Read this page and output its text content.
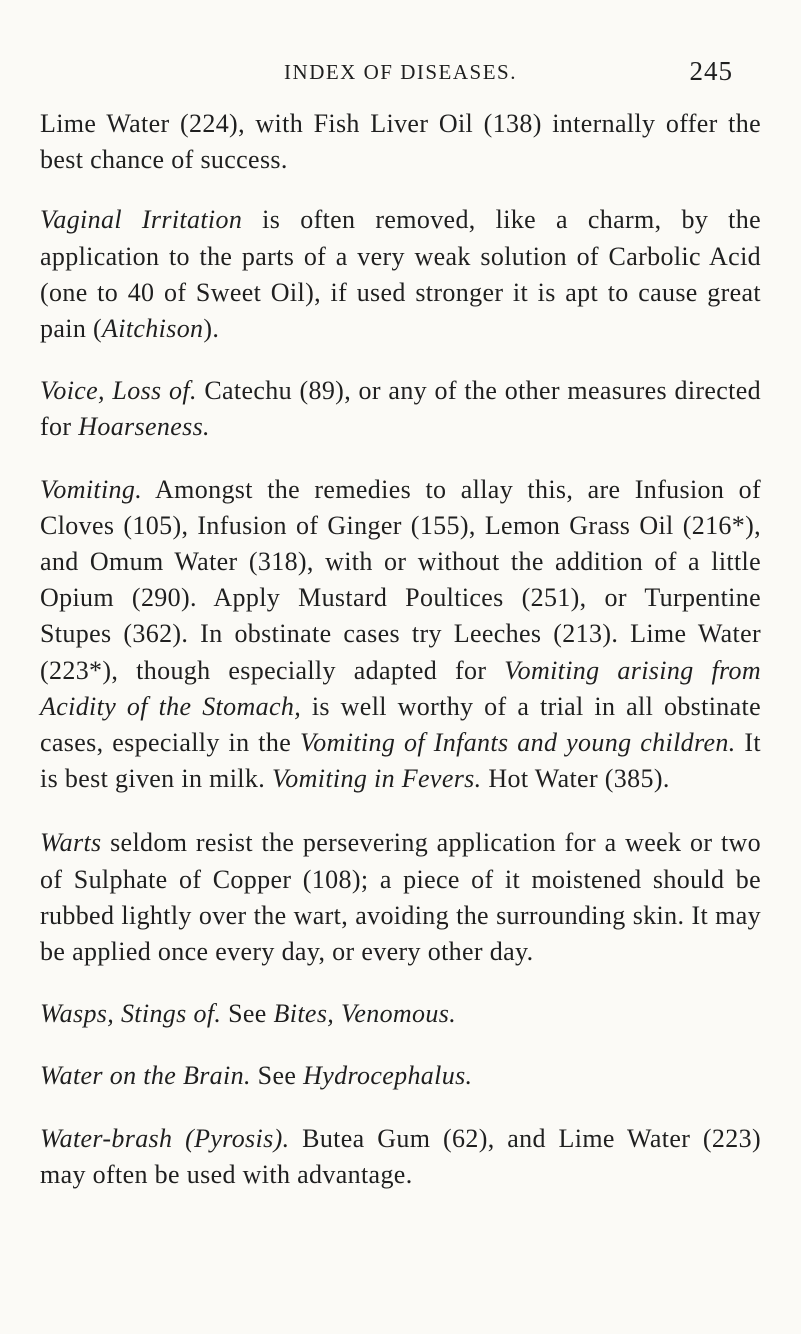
INDEX OF DISEASES.	245

Lime Water (224), with Fish Liver Oil (138) internally offer the best chance of success.

Vaginal Irritation is often removed, like a charm, by the application to the parts of a very weak solution of Carbolic Acid (one to 40 of Sweet Oil), if used stronger it is apt to cause great pain (Aitchison).

Voice, Loss of. Catechu (89), or any of the other measures directed for Hoarseness.

Vomiting. Amongst the remedies to allay this, are Infusion of Cloves (105), Infusion of Ginger (155), Lemon Grass Oil (216*), and Omum Water (318), with or without the addition of a little Opium (290). Apply Mustard Poultices (251), or Turpentine Stupes (362). In obstinate cases try Leeches (213). Lime Water (223*), though especially adapted for Vomiting arising from Acidity of the Stomach, is well worthy of a trial in all obstinate cases, especially in the Vomiting of Infants and young children. It is best given in milk. Vomiting in Fevers. Hot Water (385).

Warts seldom resist the persevering application for a week or two of Sulphate of Copper (108); a piece of it moistened should be rubbed lightly over the wart, avoiding the surrounding skin. It may be applied once every day, or every other day.

Wasps, Stings of. See Bites, Venomous.

Water on the Brain. See Hydrocephalus.

Water-brash (Pyrosis). Butea Gum (62), and Lime Water (223) may often be used with advantage.
